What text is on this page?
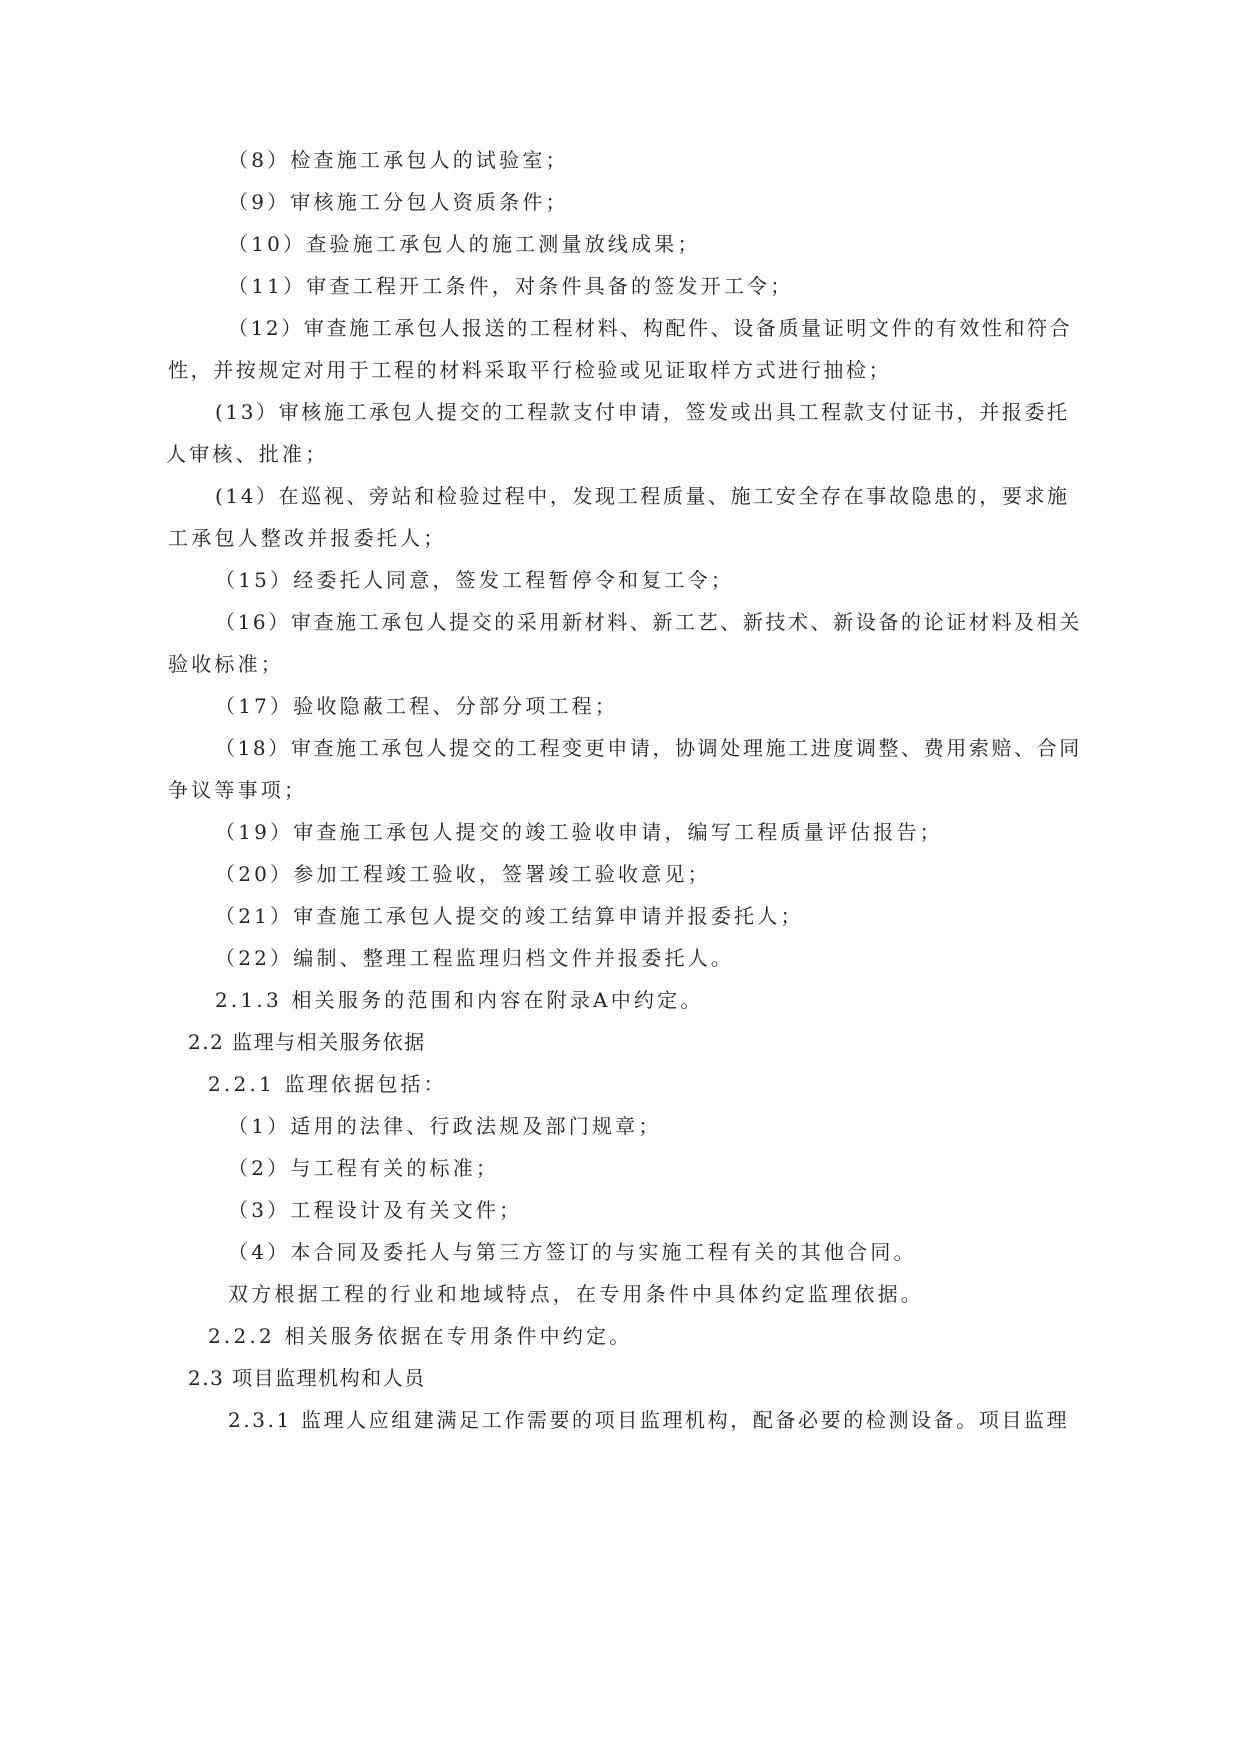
（8）检查施工承包人的试验室；
（9）审核施工分包人资质条件；
（10）查验施工承包人的施工测量放线成果；
（11）审查工程开工条件，对条件具备的签发开工令；
（12）审查施工承包人报送的工程材料、构配件、设备质量证明文件的有效性和符合
性，并按规定对用于工程的材料采取平行检验或见证取样方式进行抽检；
(13）审核施工承包人提交的工程款支付申请，签发或出具工程款支付证书，并报委托
人审核、批准；
(14）在巡视、旁站和检验过程中，发现工程质量、施工安全存在事故隐患的，要求施
工承包人整改并报委托人；
（15）经委托人同意，签发工程暂停令和复工令；
（16）审查施工承包人提交的采用新材料、新工艺、新技术、新设备的论证材料及相关
验收标准；
（17）验收隐蔽工程、分部分项工程；
（18）审查施工承包人提交的工程变更申请，协调处理施工进度调整、费用索赔、合同
争议等事项；
（19）审查施工承包人提交的竣工验收申请，编写工程质量评估报告；
（20）参加工程竣工验收，签署竣工验收意见；
（21）审查施工承包人提交的竣工结算申请并报委托人；
（22）编制、整理工程监理归档文件并报委托人。
2.1.3 相关服务的范围和内容在附录A中约定。
2.2 监理与相关服务依据
2.2.1 监理依据包括：
（1）适用的法律、行政法规及部门规章；
（2）与工程有关的标准；
（3）工程设计及有关文件；
（4）本合同及委托人与第三方签订的与实施工程有关的其他合同。
双方根据工程的行业和地域特点，在专用条件中具体约定监理依据。
2.2.2 相关服务依据在专用条件中约定。
2.3 项目监理机构和人员
2.3.1 监理人应组建满足工作需要的项目监理机构，配备必要的检测设备。项目监理
